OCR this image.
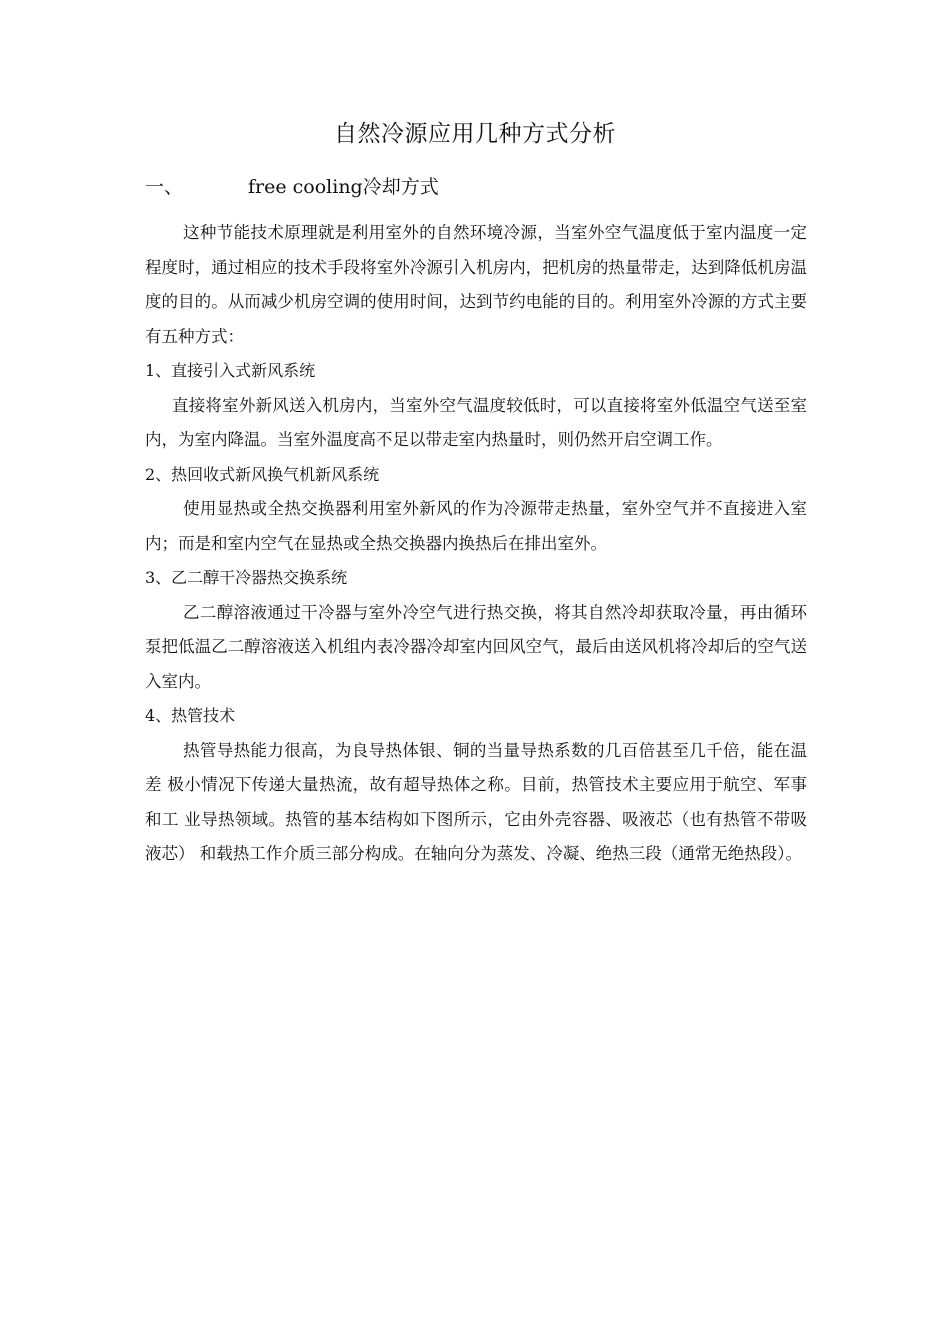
自然冷源应用几种方式分析
一、	free cooling冷却方式

这种节能技术原理就是利用室外的自然环境冷源，当室外空气温度低于室内温度一定程度时，通过相应的技术手段将室外冷源引入机房内，把机房的热量带走，达到降低机房温度的目的。从而减少机房空调的使用时间，达到节约电能的目的。利用室外冷源的方式主要有五种方式：

1、直接引入式新风系统

直接将室外新风送入机房内，当室外空气温度较低时，可以直接将室外低温空气送至室内，为室内降温。当室外温度高不足以带走室内热量时，则仍然开启空调工作。

2、热回收式新风换气机新风系统

使用显热或全热交换器利用室外新风的作为冷源带走热量，室外空气并不直接进入室内；而是和室内空气在显热或全热交换器内换热后在排出室外。

3、乙二醇干冷器热交换系统

乙二醇溶液通过干冷器与室外冷空气进行热交换，将其自然冷却获取冷量，再由循环泵把低温乙二醇溶液送入机组内表冷器冷却室内回风空气，最后由送风机将冷却后的空气送入室内。

4、热管技术

热管导热能力很高，为良导热体银、铜的当量导热系数的几百倍甚至几千倍，能在温差 极小情况下传递大量热流，故有超导热体之称。目前，热管技术主要应用于航空、军事和工 业导热领域。热管的基本结构如下图所示，它由外壳容器、吸液芯（也有热管不带吸液芯） 和载热工作介质三部分构成。在轴向分为蒸发、冷凝、绝热三段（通常无绝热段）。
